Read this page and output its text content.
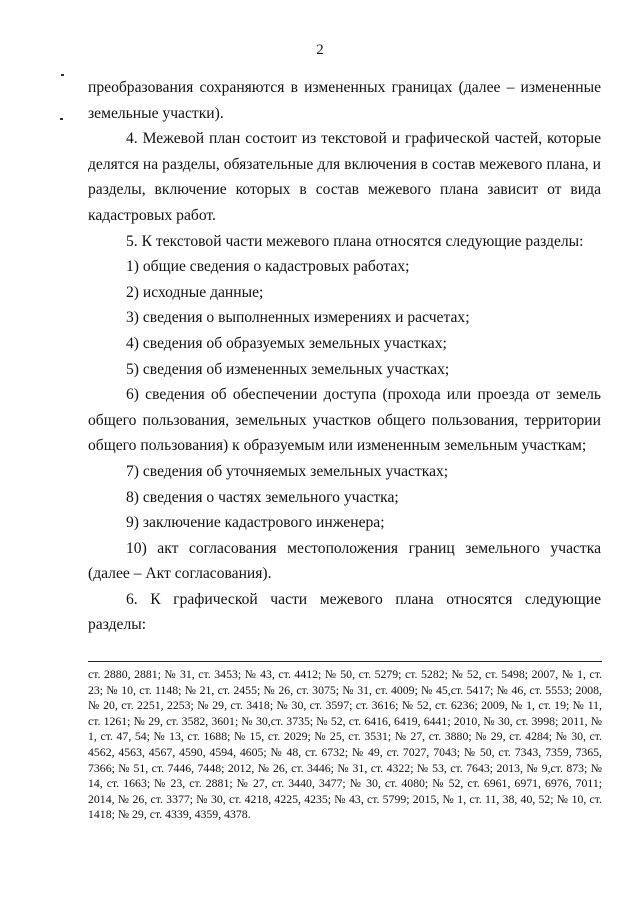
2

преобразования сохраняются в измененных границах (далее – измененные земельные участки).

4. Межевой план состоит из текстовой и графической частей, которые делятся на разделы, обязательные для включения в состав межевого плана, и разделы, включение которых в состав межевого плана зависит от вида кадастровых работ.

5. К текстовой части межевого плана относятся следующие разделы:

1) общие сведения о кадастровых работах;

2) исходные данные;

3) сведения о выполненных измерениях и расчетах;

4) сведения об образуемых земельных участках;

5) сведения об измененных земельных участках;

6) сведения об обеспечении доступа (прохода или проезда от земель общего пользования, земельных участков общего пользования, территории общего пользования) к образуемым или измененным земельным участкам;

7) сведения об уточняемых земельных участках;

8) сведения о частях земельного участка;

9) заключение кадастрового инженера;

10) акт согласования местоположения границ земельного участка (далее – Акт согласования).

6. К графической части межевого плана относятся следующие разделы:

ст. 2880, 2881; № 31, ст. 3453; № 43, ст. 4412; № 50, ст. 5279; ст. 5282; № 52, ст. 5498; 2007, № 1, ст. 23; № 10, ст. 1148; № 21, ст. 2455; № 26, ст. 3075; № 31, ст. 4009; № 45,ст. 5417; № 46, ст. 5553; 2008, № 20, ст. 2251, 2253; № 29, ст. 3418; № 30, ст. 3597; ст. 3616; № 52, ст. 6236; 2009, № 1, ст. 19; № 11, ст. 1261; № 29, ст. 3582, 3601; № 30,ст. 3735; № 52, ст. 6416, 6419, 6441; 2010, № 30, ст. 3998; 2011, № 1, ст. 47, 54; № 13, ст. 1688; № 15, ст. 2029; № 25, ст. 3531; № 27, ст. 3880; № 29, ст. 4284; № 30, ст. 4562, 4563, 4567, 4590, 4594, 4605; № 48, ст. 6732; № 49, ст. 7027, 7043; № 50, ст. 7343, 7359, 7365, 7366; № 51, ст. 7446, 7448; 2012, № 26, ст. 3446; № 31, ст. 4322; № 53, ст. 7643; 2013, № 9,ст. 873; № 14, ст. 1663; № 23, ст. 2881; № 27, ст. 3440, 3477; № 30, ст. 4080; № 52, ст. 6961, 6971, 6976, 7011; 2014, № 26, ст. 3377; № 30, ст. 4218, 4225, 4235; № 43, ст. 5799; 2015, № 1, ст. 11, 38, 40, 52; № 10, ст. 1418; № 29, ст. 4339, 4359, 4378.
